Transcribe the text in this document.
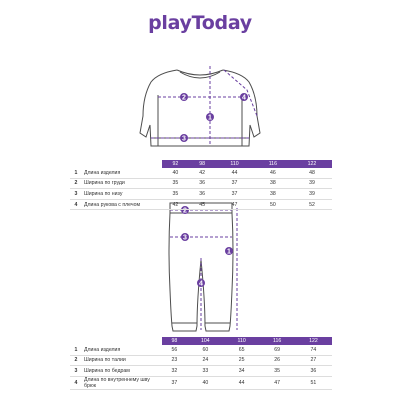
playToday
1
2
3
4
1
2
3
4
		92	98	110	116	122
1	Длина изделия	40	42	44	46	48
2	Ширина по груди	35	36	37	38	39
3	Ширина по низу	35	36	37	38	39
4	Длина рукова с плечом	42	45	47	50	52
		98	104	110	116	122
1	Длина изделия	56	60	65	69	74
2	Ширина по талии	23	24	25	26	27
3	Ширина по бедрам	32	33	34	35	36
4	Длина по внутреннему шву брюк	37	40	44	47	51
